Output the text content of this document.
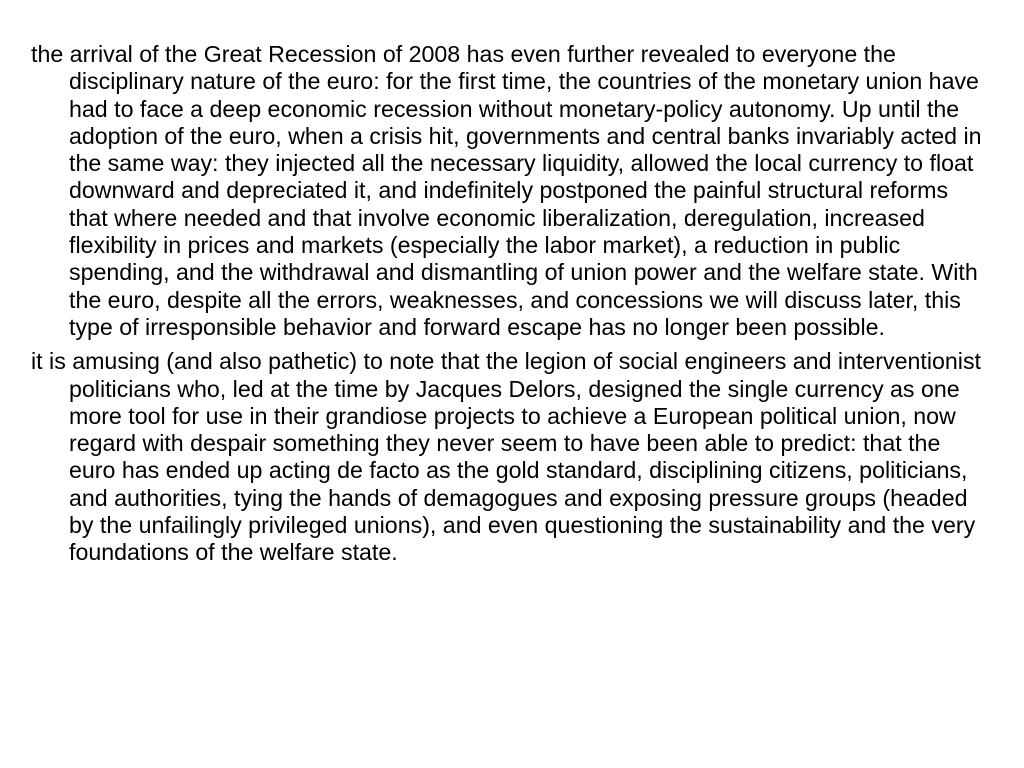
the arrival of the Great Recession of 2008 has even further revealed to everyone the disciplinary nature of the euro: for the first time, the countries of the monetary union have had to face a deep economic recession without monetary-policy autonomy. Up until the adoption of the euro, when a crisis hit, governments and central banks invariably acted in the same way: they injected all the necessary liquidity, allowed the local currency to float downward and depreciated it, and indefinitely postponed the painful structural reforms that where needed and that involve economic liberalization, deregulation, increased flexibility in prices and markets (especially the labor market), a reduction in public spending, and the withdrawal and dismantling of union power and the welfare state. With the euro, despite all the errors, weaknesses, and concessions we will discuss later, this type of irresponsible behavior and forward escape has no longer been possible.

it is amusing (and also pathetic) to note that the legion of social engineers and interventionist politicians who, led at the time by Jacques Delors, designed the single currency as one more tool for use in their grandiose projects to achieve a European political union, now regard with despair something they never seem to have been able to predict: that the euro has ended up acting de facto as the gold standard, disciplining citizens, politicians, and authorities, tying the hands of demagogues and exposing pressure groups (headed by the unfailingly privileged unions), and even questioning the sustainability and the very foundations of the welfare state.
